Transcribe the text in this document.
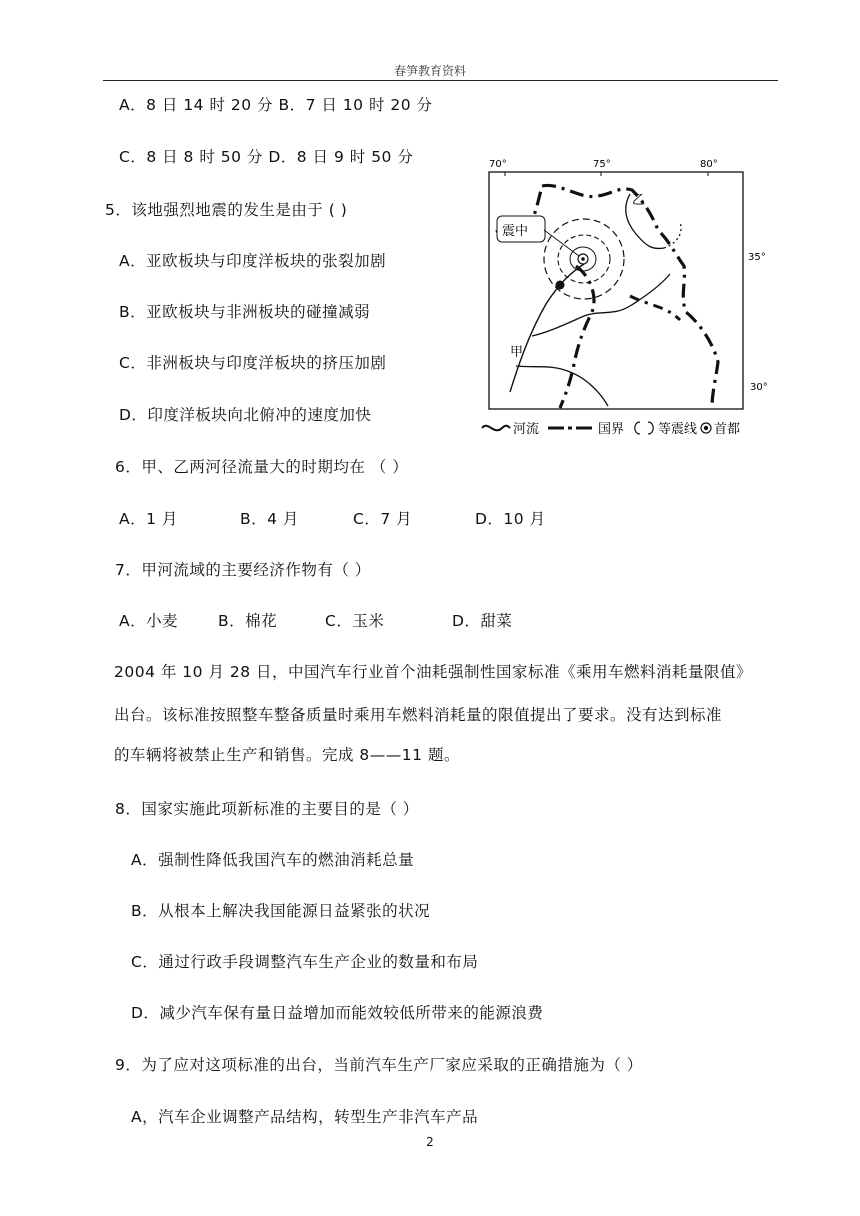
春笋教育资料
A．8 日 14 时 20 分 B．7 日 10 时 20 分
C．8 日 8 时 50 分 D．8 日 9 时 50 分
5．该地强烈地震的发生是由于 ( )
A．亚欧板块与印度洋板块的张裂加剧
B．亚欧板块与非洲板块的碰撞减弱
C．非洲板块与印度洋板块的挤压加剧
D．印度洋板块向北俯冲的速度加快
6．甲、乙两河径流量大的时期均在 （ ）
A．1 月	B．4 月	C．7 月	D．10 月
7．甲河流域的主要经济作物有（ ）
A．小麦	B．棉花	C．玉米	D．甜菜
2004 年 10 月 28 日，中国汽车行业首个油耗强制性国家标准《乘用车燃料消耗量限值》
出台。该标准按照整车整备质量时乘用车燃料消耗量的限值提出了要求。没有达到标准
的车辆将被禁止生产和销售。完成 8——11 题。
8．国家实施此项新标准的主要目的是（ ）
A．强制性降低我国汽车的燃油消耗总量
B．从根本上解决我国能源日益紧张的状况
C．通过行政手段调整汽车生产企业的数量和布局
D．减少汽车保有量日益增加而能效较低所带来的能源浪费
9．为了应对这项标准的出台，当前汽车生产厂家应采取的正确措施为（ ）
A，汽车企业调整产品结构，转型生产非汽车产品
2
70°	75°	80°
35°
30°
震中
甲
乙
河流	国界	等震线 首都
